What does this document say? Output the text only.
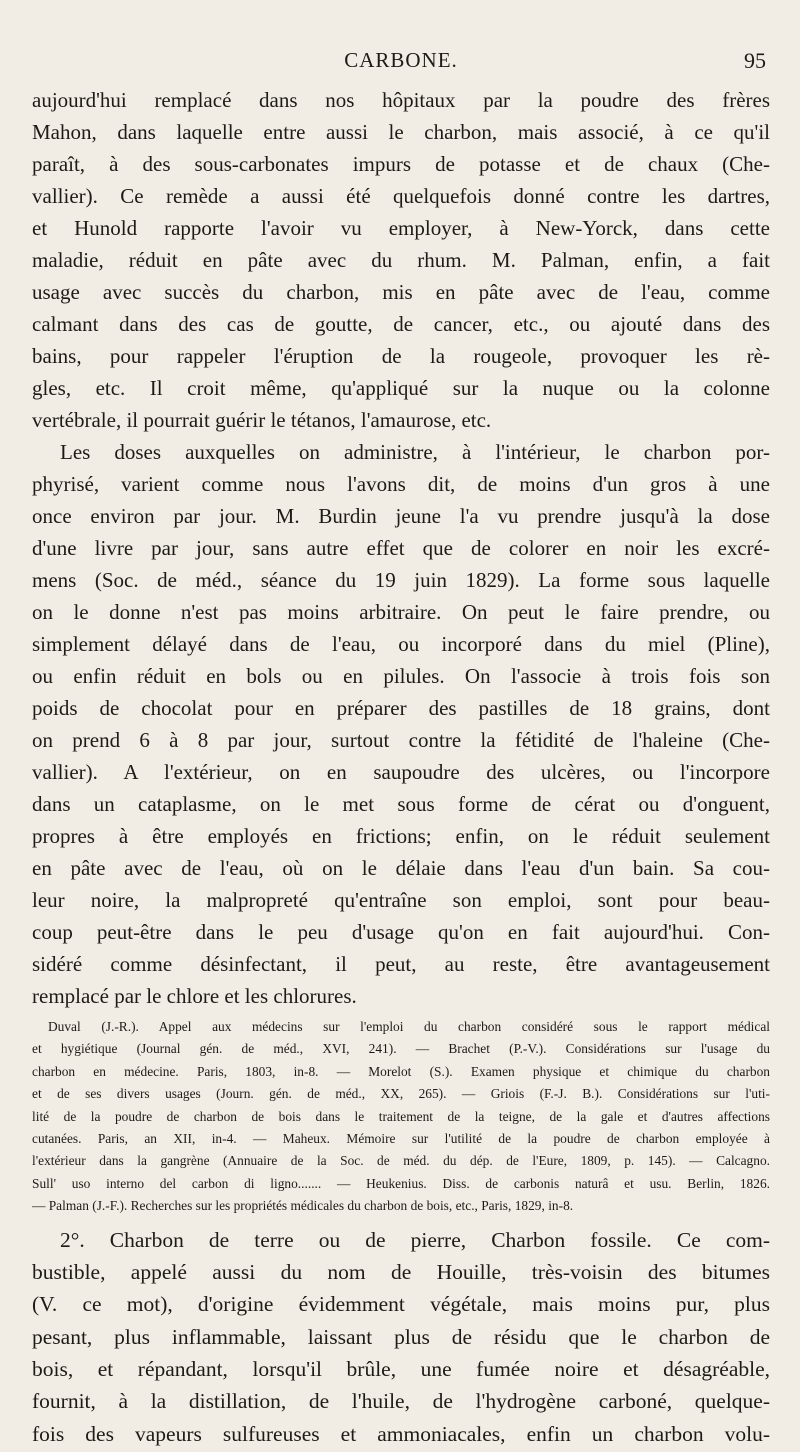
CARBONE.	95
aujourd'hui remplacé dans nos hôpitaux par la poudre des frères
Mahon, dans laquelle entre aussi le charbon, mais associé, à ce qu'il
paraît, à des sous-carbonates impurs de potasse et de chaux (Che-
vallier). Ce remède a aussi été quelquefois donné contre les dartres,
et Hunold rapporte l'avoir vu employer, à New-Yorck, dans cette
maladie, réduit en pâte avec du rhum. M. Palman, enfin, a fait
usage avec succès du charbon, mis en pâte avec de l'eau, comme
calmant dans des cas de goutte, de cancer, etc., ou ajouté dans des
bains, pour rappeler l'éruption de la rougeole, provoquer les rè-
gles, etc. Il croit même, qu'appliqué sur la nuque ou la colonne
vertébrale, il pourrait guérir le tétanos, l'amaurose, etc.
Les doses auxquelles on administre, à l'intérieur, le charbon por-
phyrisé, varient comme nous l'avons dit, de moins d'un gros à une
once environ par jour. M. Burdin jeune l'a vu prendre jusqu'à la dose
d'une livre par jour, sans autre effet que de colorer en noir les excré-
mens (Soc. de méd., séance du 19 juin 1829). La forme sous laquelle
on le donne n'est pas moins arbitraire. On peut le faire prendre, ou
simplement délayé dans de l'eau, ou incorporé dans du miel (Pline),
ou enfin réduit en bols ou en pilules. On l'associe à trois fois son
poids de chocolat pour en préparer des pastilles de 18 grains, dont
on prend 6 à 8 par jour, surtout contre la fétidité de l'haleine (Che-
vallier). A l'extérieur, on en saupoudre des ulcères, ou l'incorpore
dans un cataplasme, on le met sous forme de cérat ou d'onguent,
propres à être employés en frictions; enfin, on le réduit seulement
en pâte avec de l'eau, où on le délaie dans l'eau d'un bain. Sa cou-
leur noire, la malpropreté qu'entraîne son emploi, sont pour beau-
coup peut-être dans le peu d'usage qu'on en fait aujourd'hui. Con-
sidéré comme désinfectant, il peut, au reste, être avantageusement
remplacé par le chlore et les chlorures.
Duval (J.-R.). Appel aux médecins sur l'emploi du charbon considéré sous le rapport médical
et hygiétique (Journal gén. de méd., XVI, 241). — Brachet (P.-V.). Considérations sur l'usage du
charbon en médecine. Paris, 1803, in-8. — Morelot (S.). Examen physique et chimique du charbon
et de ses divers usages (Journ. gén. de méd., XX, 265). — Griois (F.-J. B.). Considérations sur l'uti-
lité de la poudre de charbon de bois dans le traitement de la teigne, de la gale et d'autres affections
cutanées. Paris, an XII, in-4. — Maheux. Mémoire sur l'utilité de la poudre de charbon employée à
l'extérieur dans la gangrène (Annuaire de la Soc. de méd. du dép. de l'Eure, 1809, p. 145). — Calcagno.
Sull' uso interno del carbon di ligno....... — Heukenius. Diss. de carbonis naturâ et usu. Berlin, 1826.
— Palman (J.-F.). Recherches sur les propriétés médicales du charbon de bois, etc., Paris, 1829, in-8.
2°. Charbon de terre ou de pierre, Charbon fossile. Ce com-
bustible, appelé aussi du nom de Houille, très-voisin des bitumes
(V. ce mot), d'origine évidemment végétale, mais moins pur, plus
pesant, plus inflammable, laissant plus de résidu que le charbon de
bois, et répandant, lorsqu'il brûle, une fumée noire et désagréable,
fournit, à la distillation, de l'huile, de l'hydrogène carboné, quelque-
fois des vapeurs sulfureuses et ammoniacales, enfin un charbon volu-
